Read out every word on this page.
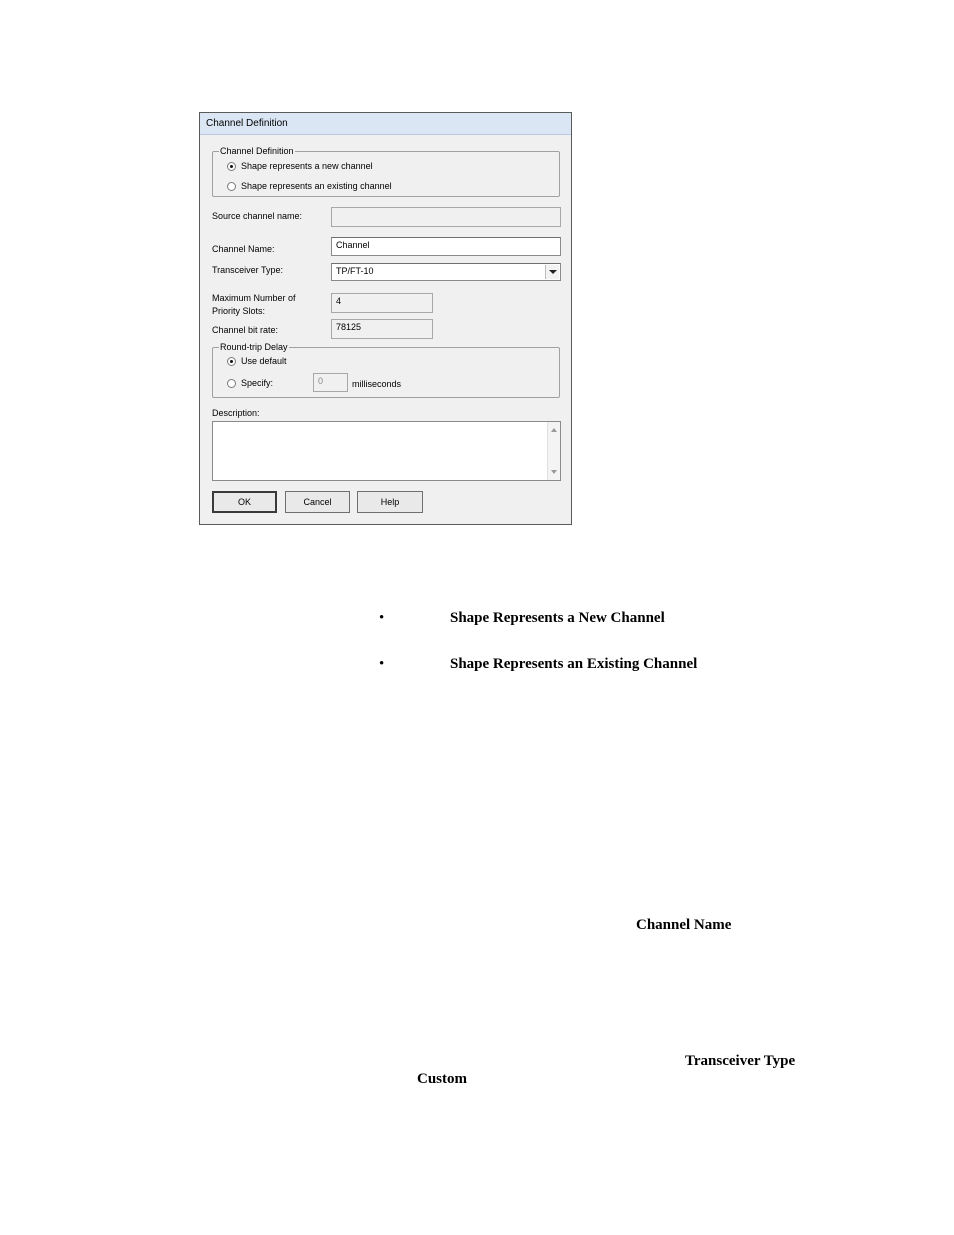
Channel Definition
Channel Definition
Shape represents a new channel
Shape represents an existing channel
Source channel name:
Channel Name:	Channel
Transceiver Type:	TP/FT-10
Maximum Number of
Priority Slots:
4
Channel bit rate:	78125
Round-trip Delay
Use default
Specify:	0	milliseconds
Description:
OK	Cancel	Help
•	Shape Represents a New Channel
•	Shape Represents an Existing Channel
Channel Name
Transceiver Type
Custom
